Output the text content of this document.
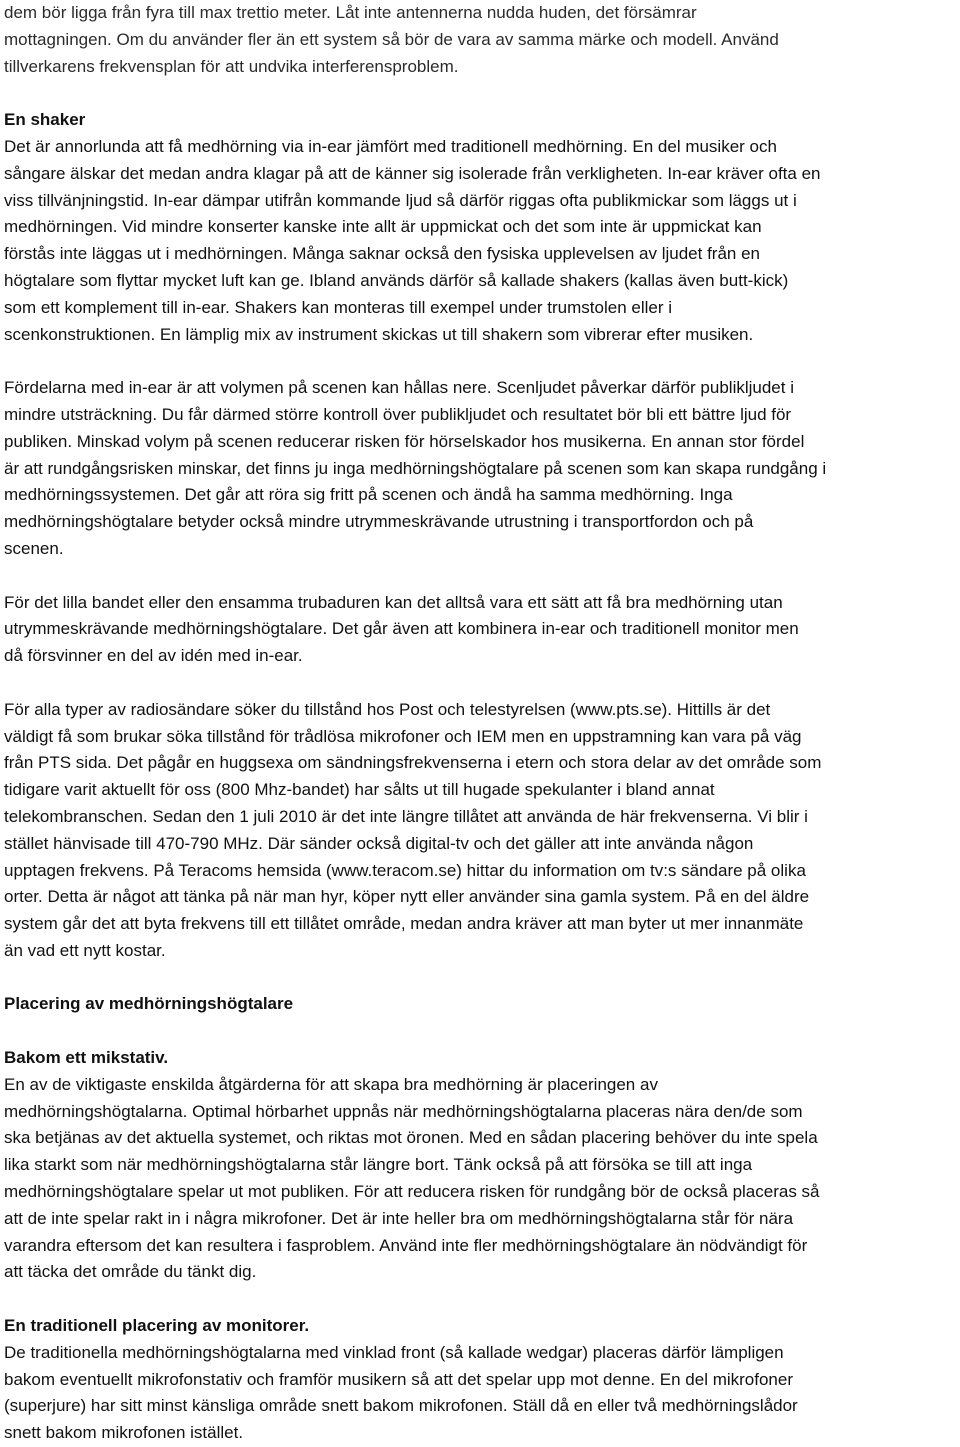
dem bör ligga från fyra till max trettio meter. Låt inte antennerna nudda huden, det försämrar
mottagningen. Om du använder fler än ett system så bör de vara av samma märke och modell. Använd
tillverkarens frekvensplan för att undvika interferensproblem.
En shaker
Det är annorlunda att få medhörning via in-ear jämfört med traditionell medhörning. En del musiker och
sångare älskar det medan andra klagar på att de känner sig isolerade från verkligheten. In-ear kräver ofta en
viss tillvänjningstid. In-ear dämpar utifrån kommande ljud så därför riggas ofta publikmickar som läggs ut i
medhörningen. Vid mindre konserter kanske inte allt är uppmickat och det som inte är uppmickat kan
förstås inte läggas ut i medhörningen. Många saknar också den fysiska upplevelsen av ljudet från en
högtalare som flyttar mycket luft kan ge. Ibland används därför så kallade shakers (kallas även butt-kick)
som ett komplement till in-ear. Shakers kan monteras till exempel under trumstolen eller i
scenkonstruktionen. En lämplig mix av instrument skickas ut till shakern som vibrerar efter musiken.
Fördelarna med in-ear är att volymen på scenen kan hållas nere. Scenljudet påverkar därför publikljudet i
mindre utsträckning. Du får därmed större kontroll över publikljudet och resultatet bör bli ett bättre ljud för
publiken. Minskad volym på scenen reducerar risken för hörselskador hos musikerna. En annan stor fördel
är att rundgångsrisken minskar, det finns ju inga medhörningshögtalare på scenen som kan skapa rundgång i
medhörningssystemen. Det går att röra sig fritt på scenen och ändå ha samma medhörning. Inga
medhörningshögtalare betyder också mindre utrymmeskrävande utrustning i transportfordon och på
scenen.
För det lilla bandet eller den ensamma trubaduren kan det alltså vara ett sätt att få bra medhörning utan
utrymmeskrävande medhörningshögtalare. Det går även att kombinera in-ear och traditionell monitor men
då försvinner en del av idén med in-ear.
För alla typer av radiosändare söker du tillstånd hos Post och telestyrelsen (www.pts.se). Hittills är det
väldigt få som brukar söka tillstånd för trådlösa mikrofoner och IEM men en uppstramning kan vara på väg
från PTS sida. Det pågår en huggsexa om sändningsfrekvenserna i etern och stora delar av det område som
tidigare varit aktuellt för oss (800 Mhz-bandet) har sålts ut till hugade spekulanter i bland annat
telekombranschen. Sedan den 1 juli 2010 är det inte längre tillåtet att använda de här frekvenserna. Vi blir i
stället hänvisade till 470-790 MHz. Där sänder också digital-tv och det gäller att inte använda någon
upptagen frekvens. På Teracoms hemsida (www.teracom.se) hittar du information om tv:s sändare på olika
orter. Detta är något att tänka på när man hyr, köper nytt eller använder sina gamla system. På en del äldre
system går det att byta frekvens till ett tillåtet område, medan andra kräver att man byter ut mer innanmäte
än vad ett nytt kostar.
Placering av medhörningshögtalare
Bakom ett mikstativ.
En av de viktigaste enskilda åtgärderna för att skapa bra medhörning är placeringen av
medhörningshögtalarna. Optimal hörbarhet uppnås när medhörningshögtalarna placeras nära den/de som
ska betjänas av det aktuella systemet, och riktas mot öronen. Med en sådan placering behöver du inte spela
lika starkt som när medhörningshögtalarna står längre bort. Tänk också på att försöka se till att inga
medhörningshögtalare spelar ut mot publiken. För att reducera risken för rundgång bör de också placeras så
att de inte spelar rakt in i några mikrofoner. Det är inte heller bra om medhörningshögtalarna står för nära
varandra eftersom det kan resultera i fasproblem. Använd inte fler medhörningshögtalare än nödvändigt för
att täcka det område du tänkt dig.
En traditionell placering av monitorer.
De traditionella medhörningshögtalarna med vinklad front (så kallade wedgar) placeras därför lämpligen
bakom eventuellt mikrofonstativ och framför musikern så att det spelar upp mot denne. En del mikrofoner
(superjure) har sitt minst känsliga område snett bakom mikrofonen. Ställ då en eller två medhörningslådor
snett bakom mikrofonen istället.
